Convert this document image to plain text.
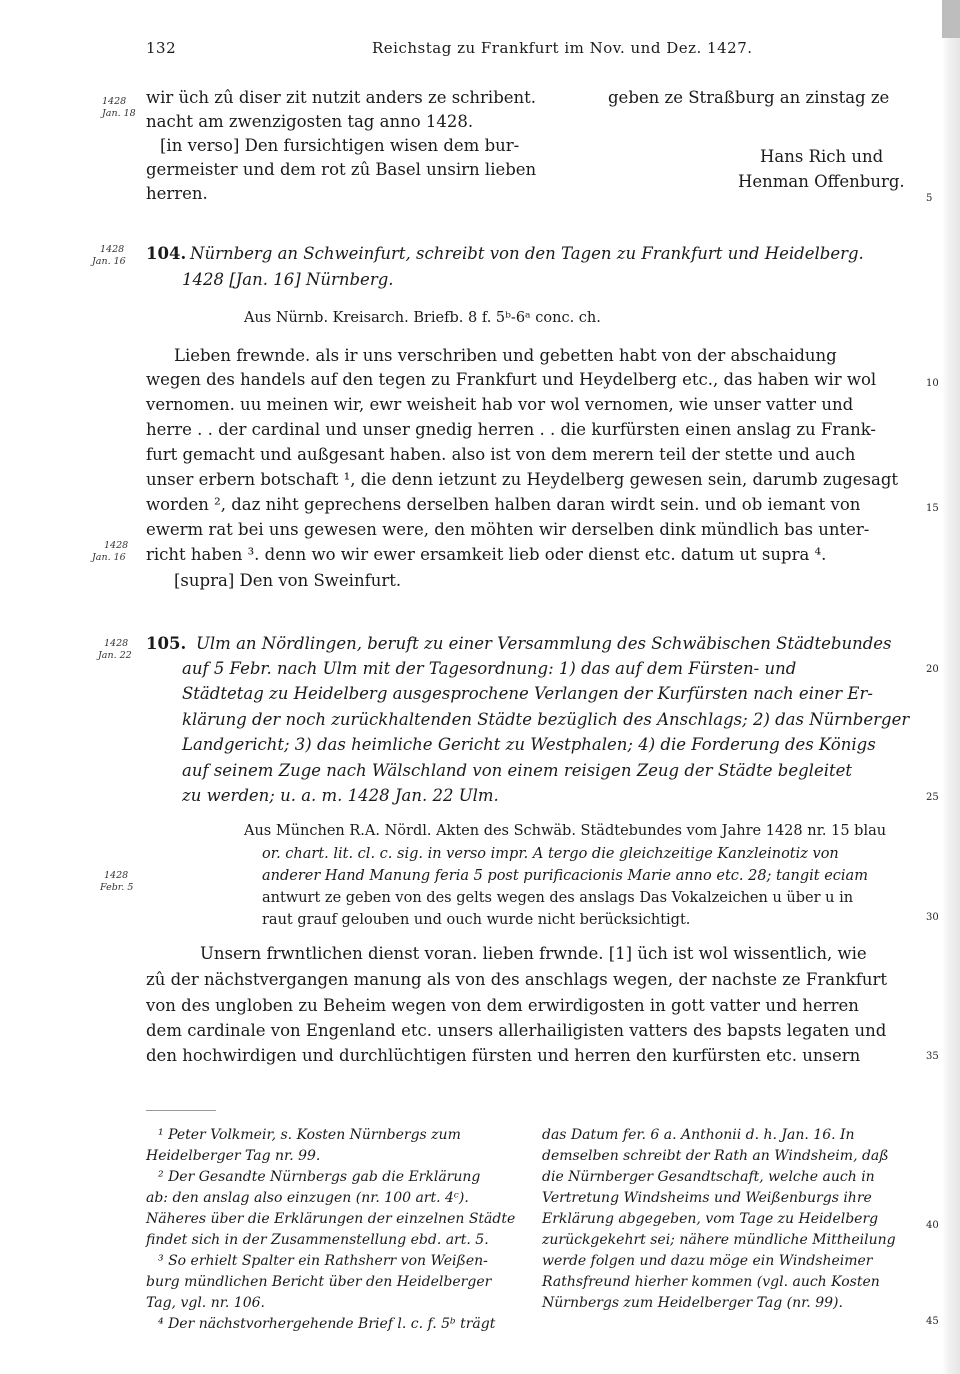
132	Reichstag zu Frankfurt im Nov. und Dez. 1427.
1428
Jan. 18
wir üch zû diser zit nutzit anders ze schribent.
nacht am zwenzigosten tag anno 1428.
[in verso] Den fursichtigen wisen dem bur-
germeister und dem rot zû Basel unsirn lieben
herren.
geben ze Straßburg an zinstag ze
Hans Rich und
Henman Offenburg.
5
1428
Jan. 16 104. Nürnberg an Schweinfurt, schreibt von den Tagen zu Frankfurt und Heidelberg.
1428 [Jan. 16] Nürnberg.
Aus Nürnb. Kreisarch. Briefb. 8 f. 5ᵇ-6ᵃ conc. ch.
Lieben frewnde. als ir uns verschriben und gebetten habt von der abschaidung
wegen des handels auf den tegen zu Frankfurt und Heydelberg etc., das haben wir wol
vernomen. uu meinen wir, ewr weisheit hab vor wol vernomen, wie unser vatter und
herre . . der cardinal und unser gnedig herren . . die kurfürsten einen anslag zu Frank-
furt gemacht und außgesant haben. also ist von dem merern teil der stette und auch
unser erbern botschaft ¹, die denn ietzunt zu Heydelberg gewesen sein, darumb zugesagt
worden ², daz niht geprechens derselben halben daran wirdt sein. und ob iemant von
ewerm rat bei uns gewesen were, den möhten wir derselben dink mündlich bas unter-
richt haben ³. denn wo wir ewer ersamkeit lieb oder dienst etc. datum ut supra ⁴.
[supra] Den von Sweinfurt.
1428
Jan. 16
10
15
1428
Jan. 22
105. Ulm an Nördlingen, beruft zu einer Versammlung des Schwäbischen Städtebundes
auf 5 Febr. nach Ulm mit der Tagesordnung: 1) das auf dem Fürsten- und
Städtetag zu Heidelberg ausgesprochene Verlangen der Kurfürsten nach einer Er-
klärung der noch zurückhaltenden Städte bezüglich des Anschlags; 2) das Nürnberger
Landgericht; 3) das heimliche Gericht zu Westphalen; 4) die Forderung des Königs
auf seinem Zuge nach Wälschland von einem reisigen Zeug der Städte begleitet
zu werden; u. a. m. 1428 Jan. 22 Ulm.
20
25
Aus München R.A. Nördl. Akten des Schwäb. Städtebundes vom Jahre 1428 nr. 15 blau
or. chart. lit. cl. c. sig. in verso impr. A tergo die gleichzeitige Kanzleinotiz von
anderer Hand Manung feria 5 post purificacionis Marie anno etc. 28; tangit eciam
antwurt ze geben von des gelts wegen des anslags Das Vokalzeichen u über u in
raut grauf gelouben und ouch wurde nicht berücksichtigt.
1428
Febr. 5
30
Unsern frwntlichen dienst voran. lieben frwnde. [1] üch ist wol wissentlich, wie
zû der nächstvergangen manung als von des anschlags wegen, der nachste ze Frankfurt
von des ungloben zu Beheim wegen von dem erwirdigosten in gott vatter und herren
dem cardinale von Engenland etc. unsers allerhailigisten vatters des bapsts legaten und
den hochwirdigen und durchlüchtigen fürsten und herren den kurfürsten etc. unsern	35
¹ Peter Volkmeir, s. Kosten Nürnbergs zum
Heidelberger Tag nr. 99.
² Der Gesandte Nürnbergs gab die Erklärung
ab: den anslag also einzugen (nr. 100 art. 4ᶜ).
Näheres über die Erklärungen der einzelnen Städte
findet sich in der Zusammenstellung ebd. art. 5.
³ So erhielt Spalter ein Rathsherr von Weißen-
burg mündlichen Bericht über den Heidelberger
Tag, vgl. nr. 106.
⁴ Der nächstvorhergehende Brief l. c. f. 5ᵇ trägt
das Datum fer. 6 a. Anthonii d. h. Jan. 16. In
demselben schreibt der Rath an Windsheim, daß
die Nürnberger Gesandtschaft, welche auch in
Vertretung Windsheims und Weißenburgs ihre
Erklärung abgegeben, vom Tage zu Heidelberg
zurückgekehrt sei; nähere mündliche Mittheilung
werde folgen und dazu möge ein Windsheimer
Rathsfreund hierher kommen (vgl. auch Kosten
Nürnbergs zum Heidelberger Tag (nr. 99).
40
45
